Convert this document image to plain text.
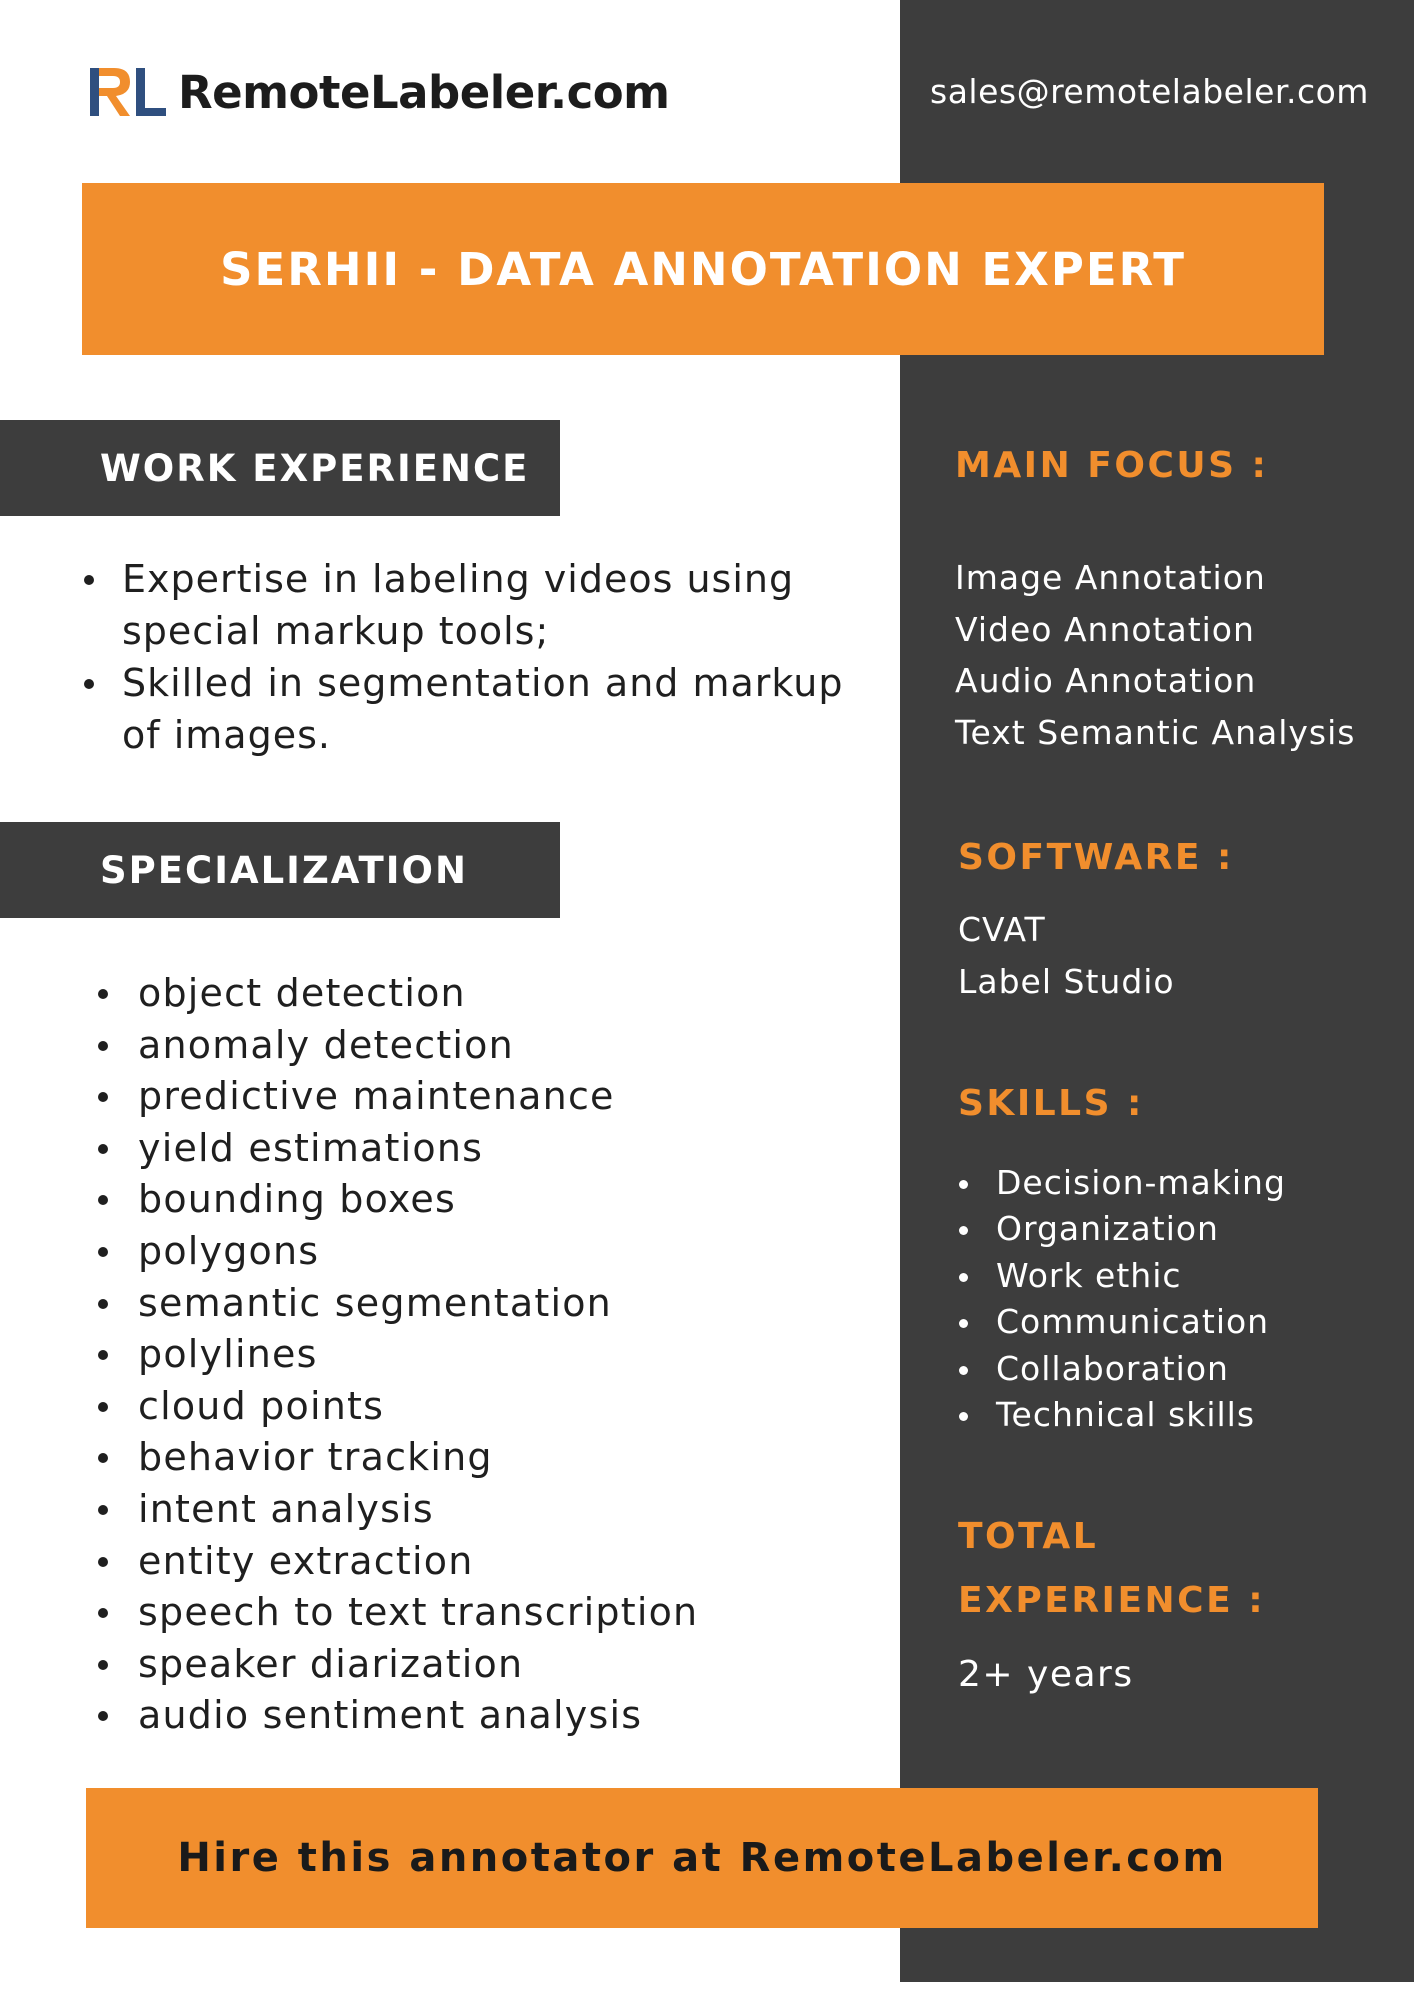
RemoteLabeler.com	sales@remotelabeler.com
SERHII - DATA ANNOTATION EXPERT
WORK EXPERIENCE
Expertise in labeling videos using special markup tools;
Skilled in segmentation and markup of images.
SPECIALIZATION
object detection
anomaly detection
predictive maintenance
yield estimations
bounding boxes
polygons
semantic segmentation
polylines
cloud points
behavior tracking
intent analysis
entity extraction
speech to text transcription
speaker diarization
audio sentiment analysis
MAIN FOCUS :
Image Annotation
Video Annotation
Audio Annotation
Text Semantic Analysis
SOFTWARE :
CVAT
Label Studio
SKILLS :
Decision-making
Organization
Work ethic
Communication
Collaboration
Technical skills
TOTAL
EXPERIENCE :
2+ years
Hire this annotator at RemoteLabeler.com
